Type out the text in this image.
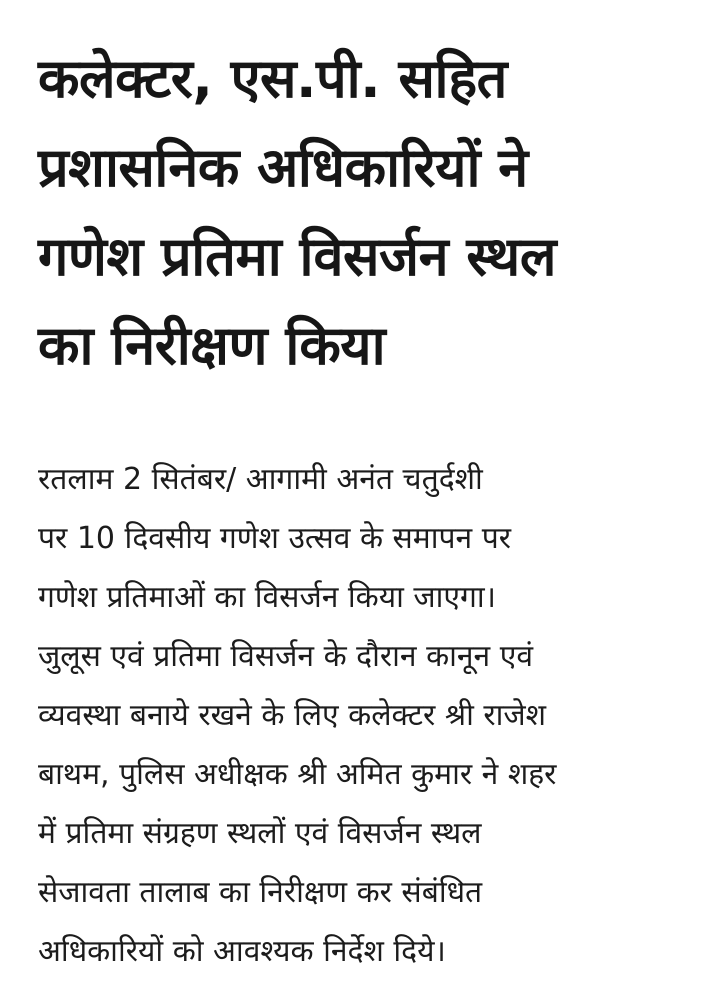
कलेक्टर, एस.पी. सहित
प्रशासनिक अधिकारियों ने
गणेश प्रतिमा विसर्जन स्थल
का निरीक्षण किया

रतलाम 2 सितंबर/ आगामी अनंत चतुर्दशी
पर 10 दिवसीय गणेश उत्सव के समापन पर
गणेश प्रतिमाओं का विसर्जन किया जाएगा।
जुलूस एवं प्रतिमा विसर्जन के दौरान कानून एवं
व्यवस्था बनाये रखने के लिए कलेक्टर श्री राजेश
बाथम, पुलिस अधीक्षक श्री अमित कुमार ने शहर
में प्रतिमा संग्रहण स्थलों एवं विसर्जन स्थल
सेजावता तालाब का निरीक्षण कर संबंधित
अधिकारियों को आवश्यक निर्देश दिये।
